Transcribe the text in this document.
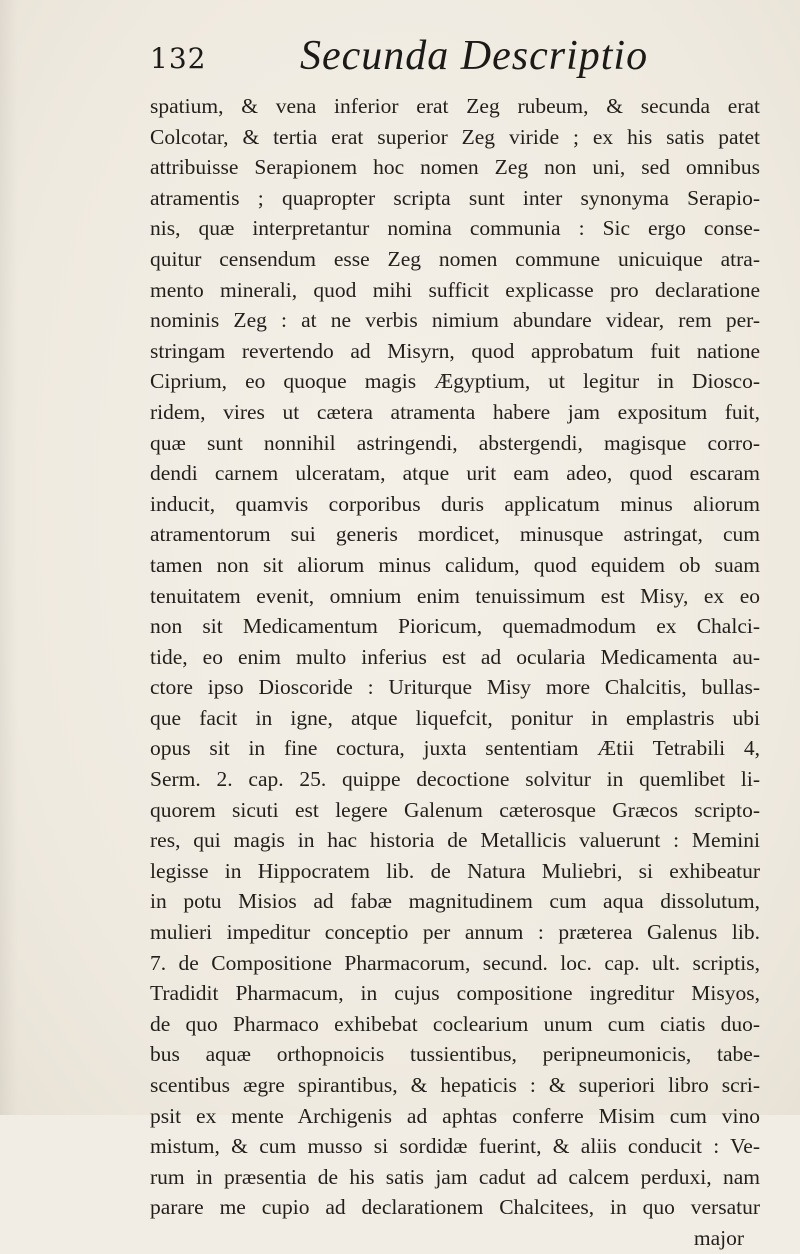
132 Secunda Descriptio
spatium, & vena inferior erat Zeg rubeum, & secunda erat
Colcotar, & tertia erat superior Zeg viride ; ex his satis patet
attribuisse Serapionem hoc nomen Zeg non uni, sed omnibus
atramentis ; quapropter scripta sunt inter synonyma Serapio-
nis, quæ interpretantur nomina communia : Sic ergo conse-
quitur censendum esse Zeg nomen commune unicuique atra-
mento minerali, quod mihi sufficit explicasse pro declaratione
nominis Zeg : at ne verbis nimium abundare videar, rem per-
stringam revertendo ad Misyrn, quod approbatum fuit natione
Ciprium, eo quoque magis Ægyptium, ut legitur in Diosco-
ridem, vires ut cætera atramenta habere jam expositum fuit,
quæ sunt nonnihil astringendi, abstergendi, magisque corro-
dendi carnem ulceratam, atque urit eam adeo, quod escaram
inducit, quamvis corporibus duris applicatum minus aliorum
atramentorum sui generis mordicet, minusque astringat, cum
tamen non sit aliorum minus calidum, quod equidem ob suam
tenuitatem evenit, omnium enim tenuissimum est Misy, ex eo
non sit Medicamentum Pioricum, quemadmodum ex Chalci-
tide, eo enim multo inferius est ad ocularia Medicamenta au-
ctore ipso Dioscoride : Uriturque Misy more Chalcitis, bullas-
que facit in igne, atque liquefcit, ponitur in emplastris ubi
opus sit in fine coctura, juxta sententiam Ætii Tetrabili 4,
Serm. 2. cap. 25. quippe decoctione solvitur in quemlibet li-
quorem sicuti est legere Galenum cæterosque Græcos scripto-
res, qui magis in hac historia de Metallicis valuerunt : Memini
legisse in Hippocratem lib. de Natura Muliebri, si exhibeatur
in potu Misios ad fabæ magnitudinem cum aqua dissolutum,
mulieri impeditur conceptio per annum : præterea Galenus lib.
7. de Compositione Pharmacorum, secund. loc. cap. ult. scriptis,
Tradidit Pharmacum, in cujus compositione ingreditur Misyos,
de quo Pharmaco exhibebat coclearium unum cum ciatis duo-
bus aquæ orthopnoicis tussientibus, peripneumonicis, tabe-
scentibus ægre spirantibus, & hepaticis : & superiori libro scri-
psit ex mente Archigenis ad aphtas conferre Misim cum vino
mistum, & cum musso si sordidæ fuerint, & aliis conducit : Ve-
rum in præsentia de his satis jam cadut ad calcem perduxi, nam
parare me cupio ad declarationem Chalcitees, in quo versatur
major
